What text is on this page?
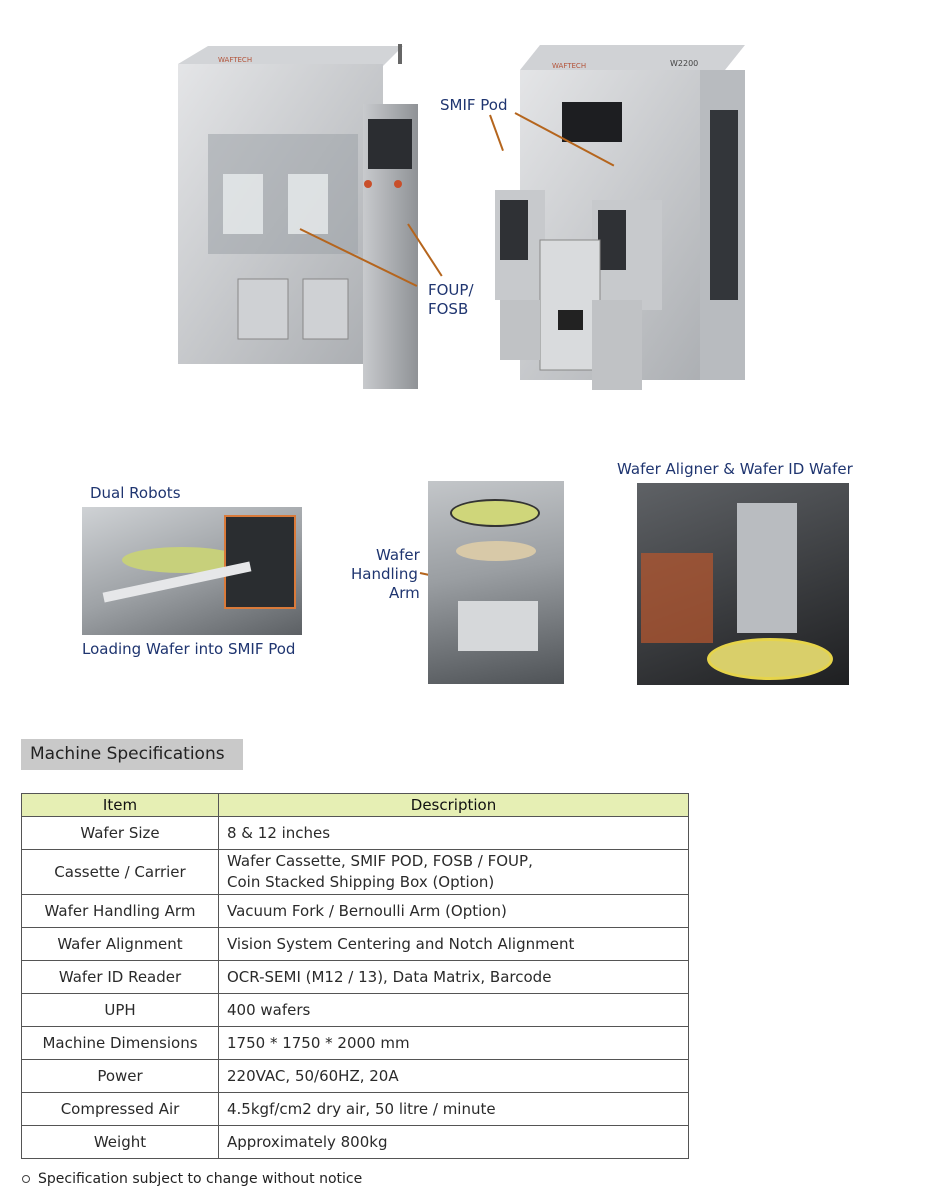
WAFTECH
WAFTECH	W2200
SMIF Pod
FOUP/
FOSB
Dual Robots
Loading Wafer into SMIF Pod
Wafer
Handling
Arm
Wafer Aligner & Wafer ID Wafer
Machine Specifications
Item	Description
Wafer Size	8 & 12 inches
Cassette / Carrier	Wafer Cassette, SMIF POD, FOSB / FOUP,
Coin Stacked Shipping Box (Option)

Wafer Handling Arm	Vacuum Fork / Bernoulli Arm (Option)
Wafer Alignment	Vision System Centering and Notch Alignment
Wafer ID Reader	OCR-SEMI (M12 / 13), Data Matrix, Barcode
UPH	400 wafers
Machine Dimensions	1750 * 1750 * 2000 mm
Power	220VAC, 50/60HZ, 20A
Compressed Air	4.5kgf/cm2 dry air, 50 litre / minute
Weight	Approximately 800kg
Specification subject to change without notice
